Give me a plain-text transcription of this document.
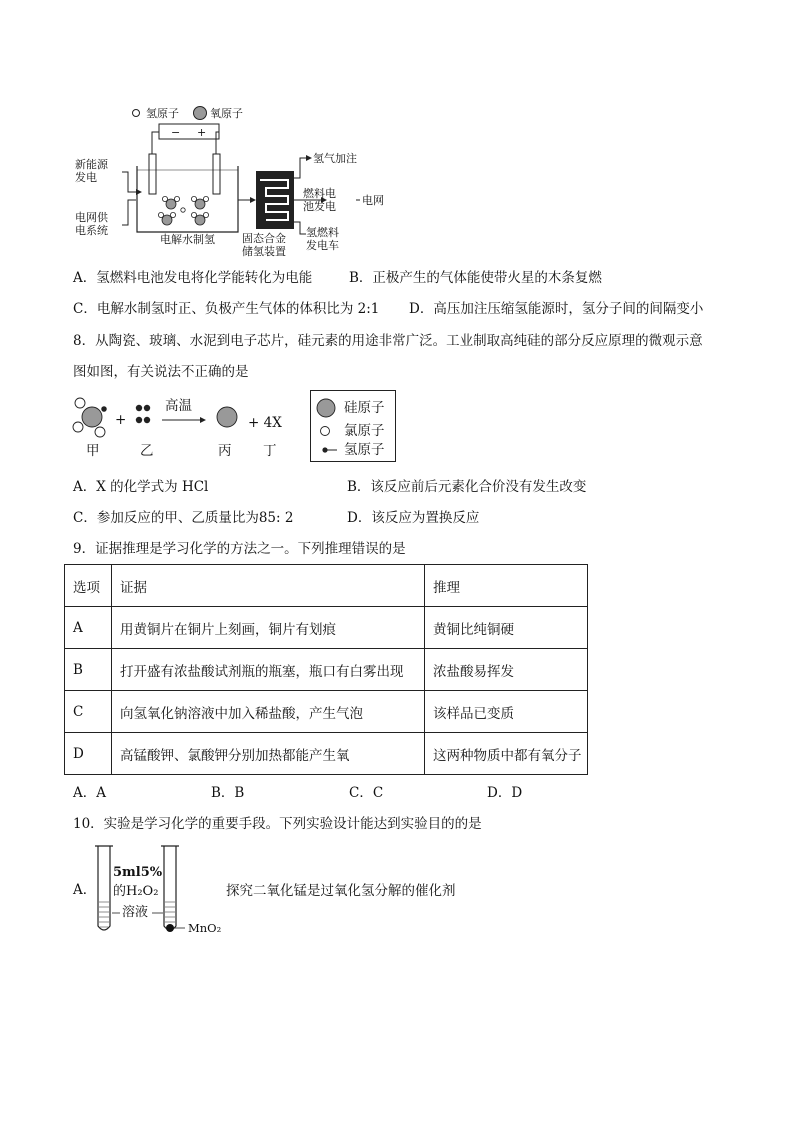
氢原子	氧原子
− +
新能源
发电
电网供
电系统
电解水制氢 固态合金
储氢装置
氢气加注
燃料电
池发电 电网
氢燃料
发电车
A．氢燃料电池发电将化学能转化为电能	B．正极产生的气体能使带火星的木条复燃
C．电解水制氢时正、负极产生气体的体积比为 2:1 D．高压加注压缩氢能源时，氢分子间的间隔变小
8．从陶瓷、玻璃、水泥到电子芯片，硅元素的用途非常广泛。工业制取高纯硅的部分反应原理的微观示意
图如图，有关说法不正确的是
+
高温
+ 4X
甲	乙	丙 丁
硅原子
氯原子
氢原子
A．X 的化学式为 HCl	B．该反应前后元素化合价没有发生改变
C．参加反应的甲、乙质量比为85: 2	D．该反应为置换反应
9．证据推理是学习化学的方法之一。下列推理错误的是
选项	证据	推理
A	用黄铜片在铜片上刻画，铜片有划痕	黄铜比纯铜硬
B	打开盛有浓盐酸试剂瓶的瓶塞，瓶口有白雾出现	浓盐酸易挥发
C	向氢氧化钠溶液中加入稀盐酸，产生气泡	该样品已变质
D	高锰酸钾、氯酸钾分别加热都能产生氧	这两种物质中都有氧分子
A．A	B．B	C．C	D．D
10．实验是学习化学的重要手段。下列实验设计能达到实验目的的是
A．
5ml5%
的H₂O₂
溶液
MnO₂
探究二氧化锰是过氧化氢分解的催化剂
